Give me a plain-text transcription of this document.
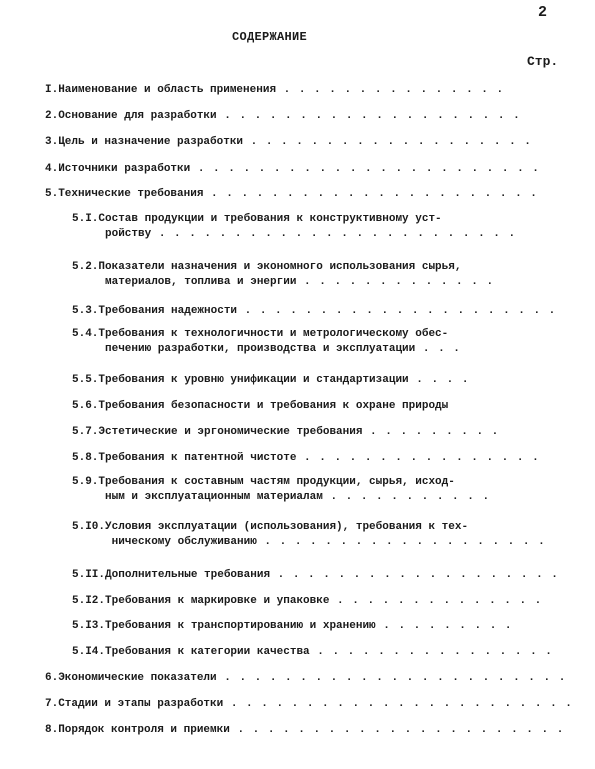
2
СОДЕРЖАНИЕ
Стр.
I.Наименование и область применения . . . . . . . . . . . . . . .
2.Основание для разработки . . . . . . . . . . . . . . . . . . . .
3.Цель и назначение разработки . . . . . . . . . . . . . . . . . . .
4.Источники разработки . . . . . . . . . . . . . . . . . . . . . . .
5.Технические требования . . . . . . . . . . . . . . . . . . . . . .
5.I.Состав продукции и требования к конструктивному уст-
ройству . . . . . . . . . . . . . . . . . . . . . . . .
5.2.Показатели назначения и экономного использования сырья,
материалов, топлива и энергии . . . . . . . . . . . . .
5.3.Требования надежности . . . . . . . . . . . . . . . . . . . . .
5.4.Требования к технологичности и метрологическому обес-
печению разработки, производства и эксплуатации . . .
5.5.Требования к уровню унификации и стандартизации . . . .
5.6.Требования безопасности и требования к охране природы
5.7.Эстетические и эргономические требования . . . . . . . . .
5.8.Требования к патентной чистоте . . . . . . . . . . . . . . . .
5.9.Требования к составным частям продукции, сырья, исход-
ным и эксплуатационным материалам . . . . . . . . . . .
5.I0.Условия эксплуатации (использования), требования к тех-
ническому обслуживанию . . . . . . . . . . . . . . . . . . .
5.II.Дополнительные требования . . . . . . . . . . . . . . . . . . .
5.I2.Требования к маркировке и упаковке . . . . . . . . . . . . . .
5.I3.Требования к транспортированию и хранению . . . . . . . . .
5.I4.Требования к категории качества . . . . . . . . . . . . . . . .
6.Экономические показатели . . . . . . . . . . . . . . . . . . . . . . .
7.Стадии и этапы разработки . . . . . . . . . . . . . . . . . . . . . . .
8.Порядок контроля и приемки . . . . . . . . . . . . . . . . . . . . . .
